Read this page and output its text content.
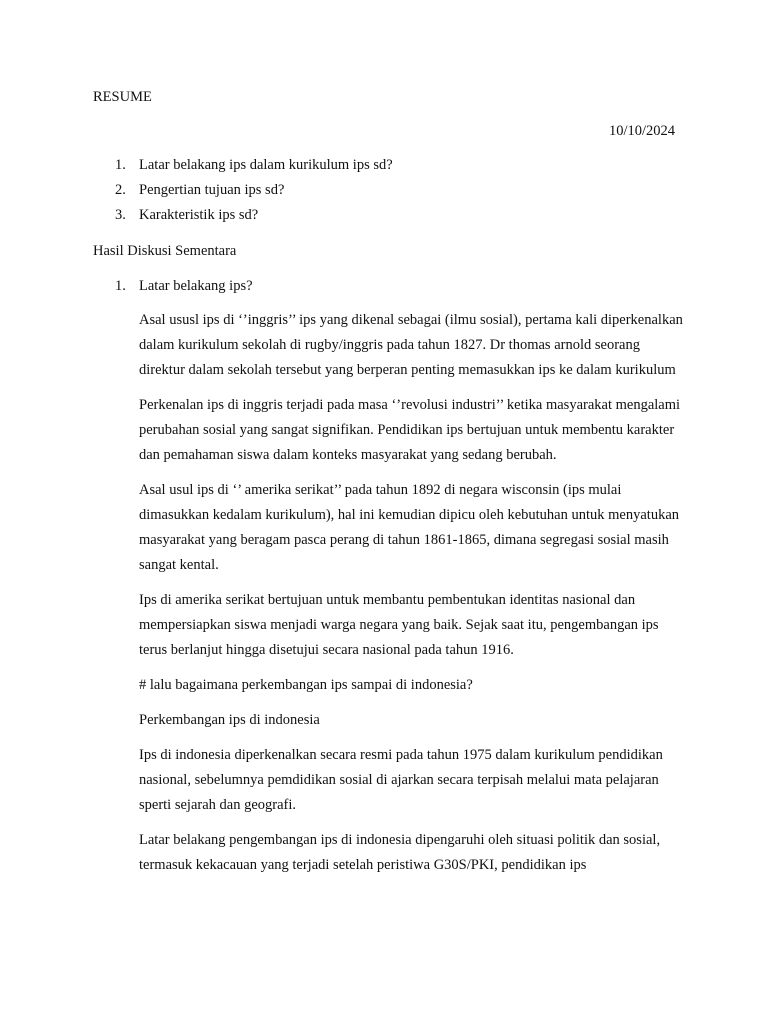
RESUME

10/10/2024

1. Latar belakang ips dalam kurikulum ips sd?
2. Pengertian tujuan ips sd?
3. Karakteristik ips sd?

Hasil Diskusi Sementara

1. Latar belakang ips?

Asal ususl ips di ‘’inggris’’ ips yang dikenal sebagai (ilmu sosial), pertama kali diperkenalkan dalam kurikulum sekolah di rugby/inggris pada tahun 1827. Dr thomas arnold seorang direktur dalam sekolah tersebut yang berperan penting memasukkan ips ke dalam kurikulum

Perkenalan ips di inggris terjadi pada masa ‘’revolusi industri’’ ketika masyarakat mengalami perubahan sosial yang sangat signifikan. Pendidikan ips bertujuan untuk membentu karakter dan pemahaman siswa dalam konteks masyarakat yang sedang berubah.

Asal usul ips di ‘’ amerika serikat’’ pada tahun 1892 di negara wisconsin (ips mulai dimasukkan kedalam kurikulum), hal ini kemudian dipicu oleh kebutuhan untuk menyatukan masyarakat yang beragam pasca perang di tahun 1861-1865, dimana segregasi sosial masih sangat kental.

Ips di amerika serikat bertujuan untuk membantu pembentukan identitas nasional dan mempersiapkan siswa menjadi warga negara yang baik. Sejak saat itu, pengembangan ips terus berlanjut hingga disetujui secara nasional pada tahun 1916.

# lalu bagaimana perkembangan ips sampai di indonesia?

Perkembangan ips di indonesia

Ips di indonesia diperkenalkan secara resmi pada tahun 1975 dalam kurikulum pendidikan nasional, sebelumnya pemdidikan sosial di ajarkan secara terpisah melalui mata pelajaran sperti sejarah dan geografi.

Latar belakang pengembangan ips di indonesia dipengaruhi oleh situasi politik dan sosial, termasuk kekacauan yang terjadi setelah peristiwa G30S/PKI, pendidikan ips
